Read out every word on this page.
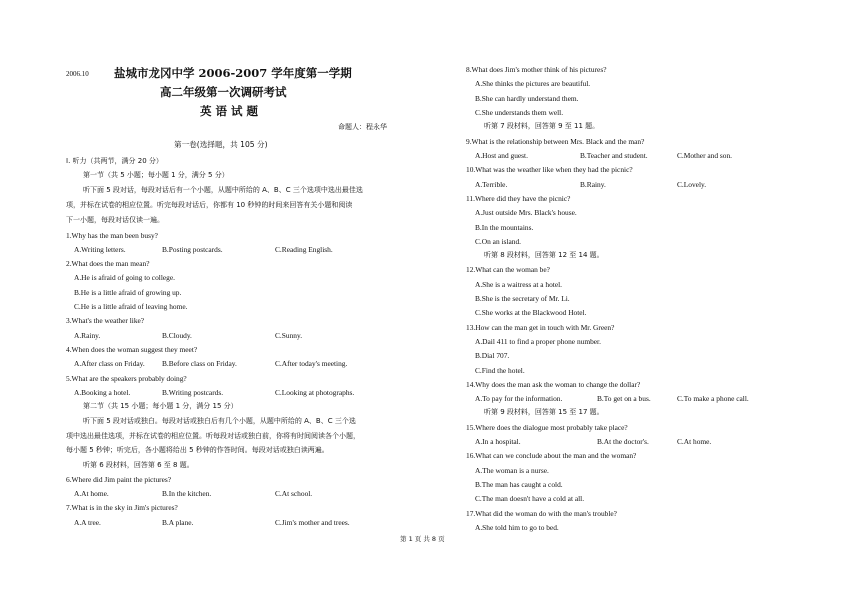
2006.10 盐城市龙冈中学 2006-2007 学年度第一学期
高二年级第一次调研考试
英 语 试 题
命题人：程永华
第一卷(选择题，共 105 分)
I. 听力（共两节，满分 20 分）
第一节（共 5 小题；每小题 1 分，满分 5 分）
听下面 5 段对话，每段对话后有一个小题，从题中所给的 A、B、C 三个选项中选出最佳选
项，并标在试卷的相应位置。听完每段对话后，你都有 10 秒钟的时间来回答有关小题和阅读
下一小题，每段对话仅读一遍。
1.Why has the man been busy?
A.Writing letters.	B.Posting postcards.	C.Reading English.
2.What does the man mean?
A.He is afraid of going to college.
B.He is a little afraid of growing up.
C.He is a little afraid of leaving home.
3.What's the weather like?
A.Rainy.	B.Cloudy.	C.Sunny.
4.When does the woman suggest they meet?
A.After class on Friday. B.Before class on Friday.	C.After today's meeting.
5.What are the speakers probably doing?
A.Booking a hotel.	B.Writing postcards.	C.Looking at photographs.
第二节（共 15 小题；每小题 1 分，满分 15 分）
听下面 5 段对话或独白。每段对话或独白后有几个小题，从题中所给的 A、B、C 三个选
项中选出最佳选项，并标在试卷的相应位置。听每段对话或独白前，你将有时间阅读各个小题，
每小题 5 秒钟；听完后，各小题将给出 5 秒钟的作答时间。每段对话或独白读两遍。
听第 6 段材料，回答第 6 至 8 题。
6.Where did Jim paint the pictures?
A.At home.	B.In the kitchen.	C.At school.
7.What is in the sky in Jim's pictures?
A.A tree.	B.A plane.	C.Jim's mother and trees.
8.What does Jim's mother think of his pictures?
A.She thinks the pictures are beautiful.
B.She can hardly understand them.
C.She understands them well.
听第 7 段材料，回答第 9 至 11 题。
9.What is the relationship between Mrs. Black and the man?
A.Host and guest.	B.Teacher and student.	C.Mother and son.
10.What was the weather like when they had the picnic?
A.Terrible.	B.Rainy.	C.Lovely.
11.Where did they have the picnic?
A.Just outside Mrs. Black's house.
B.In the mountains.
C.On an island.
听第 8 段材料，回答第 12 至 14 题。
12.What can the woman be?
A.She is a waitress at a hotel.
B.She is the secretary of Mr. Li.
C.She works at the Blackwood Hotel.
13.How can the man get in touch with Mr. Green?
A.Dail 411 to find a proper phone number.
B.Dial 707.
C.Find the hotel.
14.Why does the man ask the woman to change the dollar?
A.To pay for the information.	B.To get on a bus.	C.To make a phone call.
听第 9 段材料，回答第 15 至 17 题。
15.Where does the dialogue most probably take place?
A.In a hospital.	B.At the doctor's.	C.At home.
16.What can we conclude about the man and the woman?
A.The woman is a nurse.
B.The man has caught a cold.
C.The man doesn't have a cold at all.
17.What did the woman do with the man's trouble?
A.She told him to go to bed.
第 1 页 共 8 页
